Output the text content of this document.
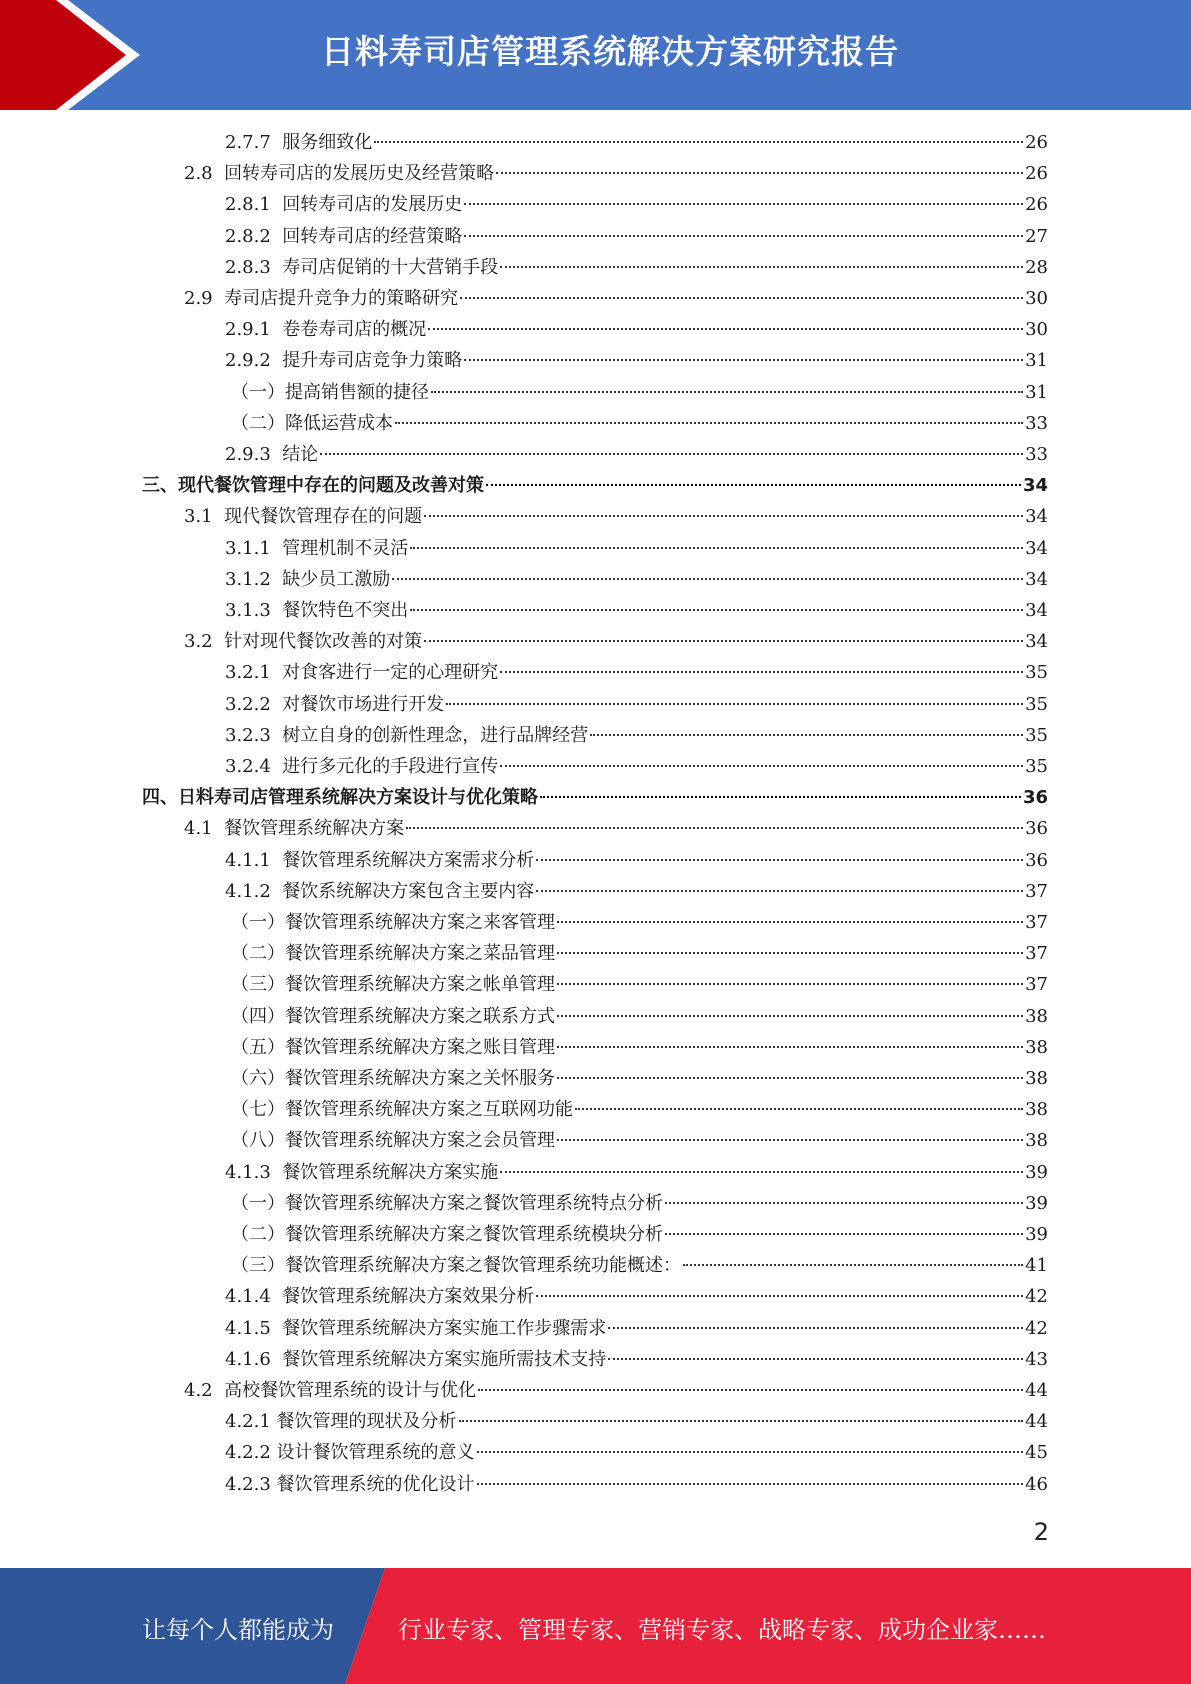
日料寿司店管理系统解决方案研究报告
2.7.7 服务细致化	26
2.8 回转寿司店的发展历史及经营策略	26
2.8.1 回转寿司店的发展历史	26
2.8.2 回转寿司店的经营策略	27
2.8.3 寿司店促销的十大营销手段	28
2.9 寿司店提升竞争力的策略研究	30
2.9.1 卷卷寿司店的概况	30
2.9.2 提升寿司店竞争力策略	31
（一）提高销售额的捷径	31
（二）降低运营成本	33
2.9.3 结论	33
三、现代餐饮管理中存在的问题及改善对策	34
3.1 现代餐饮管理存在的问题	34
3.1.1 管理机制不灵活	34
3.1.2 缺少员工激励	34
3.1.3 餐饮特色不突出	34
3.2 针对现代餐饮改善的对策	34
3.2.1 对食客进行一定的心理研究	35
3.2.2 对餐饮市场进行开发	35
3.2.3 树立自身的创新性理念，进行品牌经营	35
3.2.4 进行多元化的手段进行宣传	35
四、日料寿司店管理系统解决方案设计与优化策略	36
4.1 餐饮管理系统解决方案	36
4.1.1 餐饮管理系统解决方案需求分析	36
4.1.2 餐饮系统解决方案包含主要内容	37
（一）餐饮管理系统解决方案之来客管理	37
（二）餐饮管理系统解决方案之菜品管理	37
（三）餐饮管理系统解决方案之帐单管理	37
（四）餐饮管理系统解决方案之联系方式	38
（五）餐饮管理系统解决方案之账目管理	38
（六）餐饮管理系统解决方案之关怀服务	38
（七）餐饮管理系统解决方案之互联网功能	38
（八）餐饮管理系统解决方案之会员管理	38
4.1.3 餐饮管理系统解决方案实施	39
（一）餐饮管理系统解决方案之餐饮管理系统特点分析	39
（二）餐饮管理系统解决方案之餐饮管理系统模块分析	39
（三）餐饮管理系统解决方案之餐饮管理系统功能概述：	41
4.1.4 餐饮管理系统解决方案效果分析	42
4.1.5 餐饮管理系统解决方案实施工作步骤需求	42
4.1.6 餐饮管理系统解决方案实施所需技术支持	43
4.2 高校餐饮管理系统的设计与优化	44
4.2.1 餐饮管理的现状及分析	44
4.2.2 设计餐饮管理系统的意义	45
4.2.3 餐饮管理系统的优化设计	46
2
让每个人都能成为	行业专家、管理专家、营销专家、战略专家、成功企业家……
